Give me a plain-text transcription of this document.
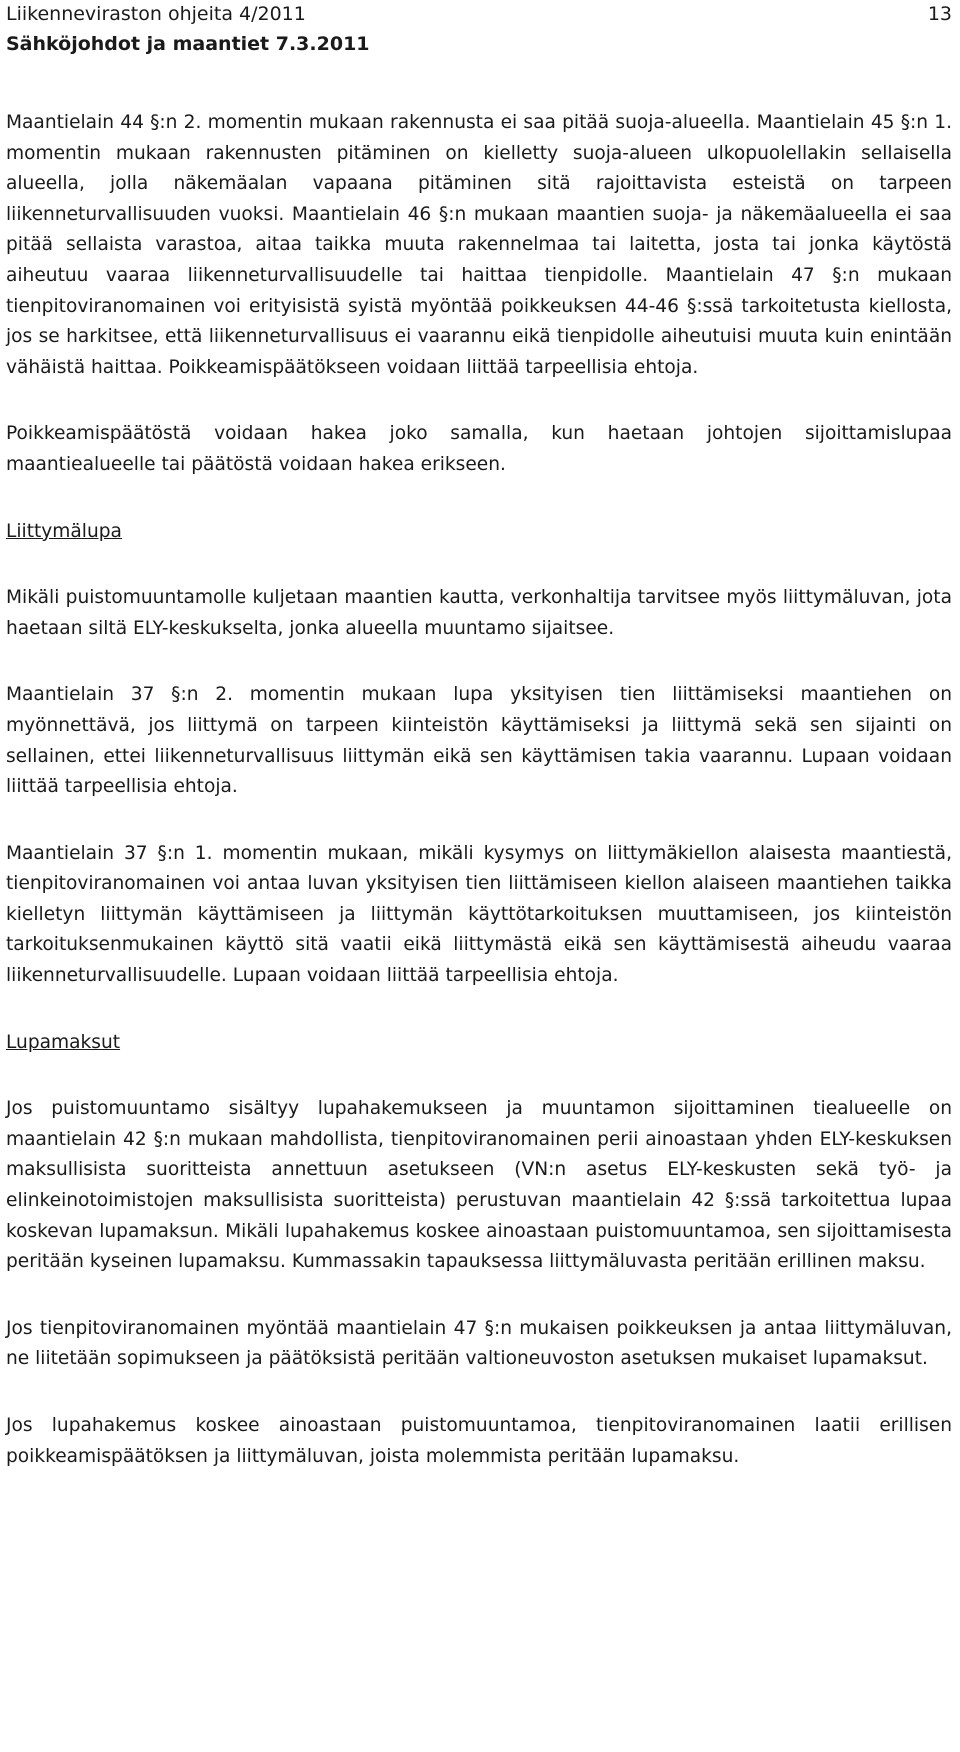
Liikenneviraston ohjeita 4/2011
Sähköjohdot ja maantiet 7.3.2011
13

Maantielain 44 §:n 2. momentin mukaan rakennusta ei saa pitää suoja-alueella. Maantielain 45 §:n 1. momentin mukaan rakennusten pitäminen on kielletty suoja-alueen ulkopuolellakin sellaisella alueella, jolla näkemäalan vapaana pitäminen sitä rajoittavista esteistä on tarpeen liikenneturvallisuuden vuoksi. Maantielain 46 §:n mukaan maantien suoja- ja näkemäalueella ei saa pitää sellaista varastoa, aitaa taikka muuta rakennelmaa tai laitetta, josta tai jonka käytöstä aiheutuu vaaraa liikenneturvallisuudelle tai haittaa tienpidolle. Maantielain 47 §:n mukaan tienpitoviranomainen voi erityisistä syistä myöntää poikkeuksen 44-46 §:ssä tarkoitetusta kiellosta, jos se harkitsee, että liikenneturvallisuus ei vaarannu eikä tienpidolle aiheutuisi muuta kuin enintään vähäistä haittaa. Poikkeamispäätökseen voidaan liittää tarpeellisia ehtoja.

Poikkeamispäätöstä voidaan hakea joko samalla, kun haetaan johtojen sijoittamislupaa maantiealueelle tai päätöstä voidaan hakea erikseen.

Liittymälupa

Mikäli puistomuuntamolle kuljetaan maantien kautta, verkonhaltija tarvitsee myös liittymäluvan, jota haetaan siltä ELY-keskukselta, jonka alueella muuntamo sijaitsee.

Maantielain 37 §:n 2. momentin mukaan lupa yksityisen tien liittämiseksi maantiehen on myönnettävä, jos liittymä on tarpeen kiinteistön käyttämiseksi ja liittymä sekä sen sijainti on sellainen, ettei liikenneturvallisuus liittymän eikä sen käyttämisen takia vaarannu. Lupaan voidaan liittää tarpeellisia ehtoja.

Maantielain 37 §:n 1. momentin mukaan, mikäli kysymys on liittymäkiellon alaisesta maantiestä, tienpitoviranomainen voi antaa luvan yksityisen tien liittämiseen kiellon alaiseen maantiehen taikka kielletyn liittymän käyttämiseen ja liittymän käyttötarkoituksen muuttamiseen, jos kiinteistön tarkoituksenmukainen käyttö sitä vaatii eikä liittymästä eikä sen käyttämisestä aiheudu vaaraa liikenneturvallisuudelle. Lupaan voidaan liittää tarpeellisia ehtoja.

Lupamaksut

Jos puistomuuntamo sisältyy lupahakemukseen ja muuntamon sijoittaminen tiealueelle on maantielain 42 §:n mukaan mahdollista, tienpitoviranomainen perii ainoastaan yhden ELY-keskuksen maksullisista suoritteista annettuun asetukseen (VN:n asetus ELY-keskusten sekä työ- ja elinkeinotoimistojen maksullisista suoritteista) perustuvan maantielain 42 §:ssä tarkoitettua lupaa koskevan lupamaksun. Mikäli lupahakemus koskee ainoastaan puistomuuntamoa, sen sijoittamisesta peritään kyseinen lupamaksu. Kummassakin tapauksessa liittymäluvasta peritään erillinen maksu.

Jos tienpitoviranomainen myöntää maantielain 47 §:n mukaisen poikkeuksen ja antaa liittymäluvan, ne liitetään sopimukseen ja päätöksistä peritään valtioneuvoston asetuksen mukaiset lupamaksut.

Jos lupahakemus koskee ainoastaan puistomuuntamoa, tienpitoviranomainen laatii erillisen poikkeamispäätöksen ja liittymäluvan, joista molemmista peritään lupamaksu.
